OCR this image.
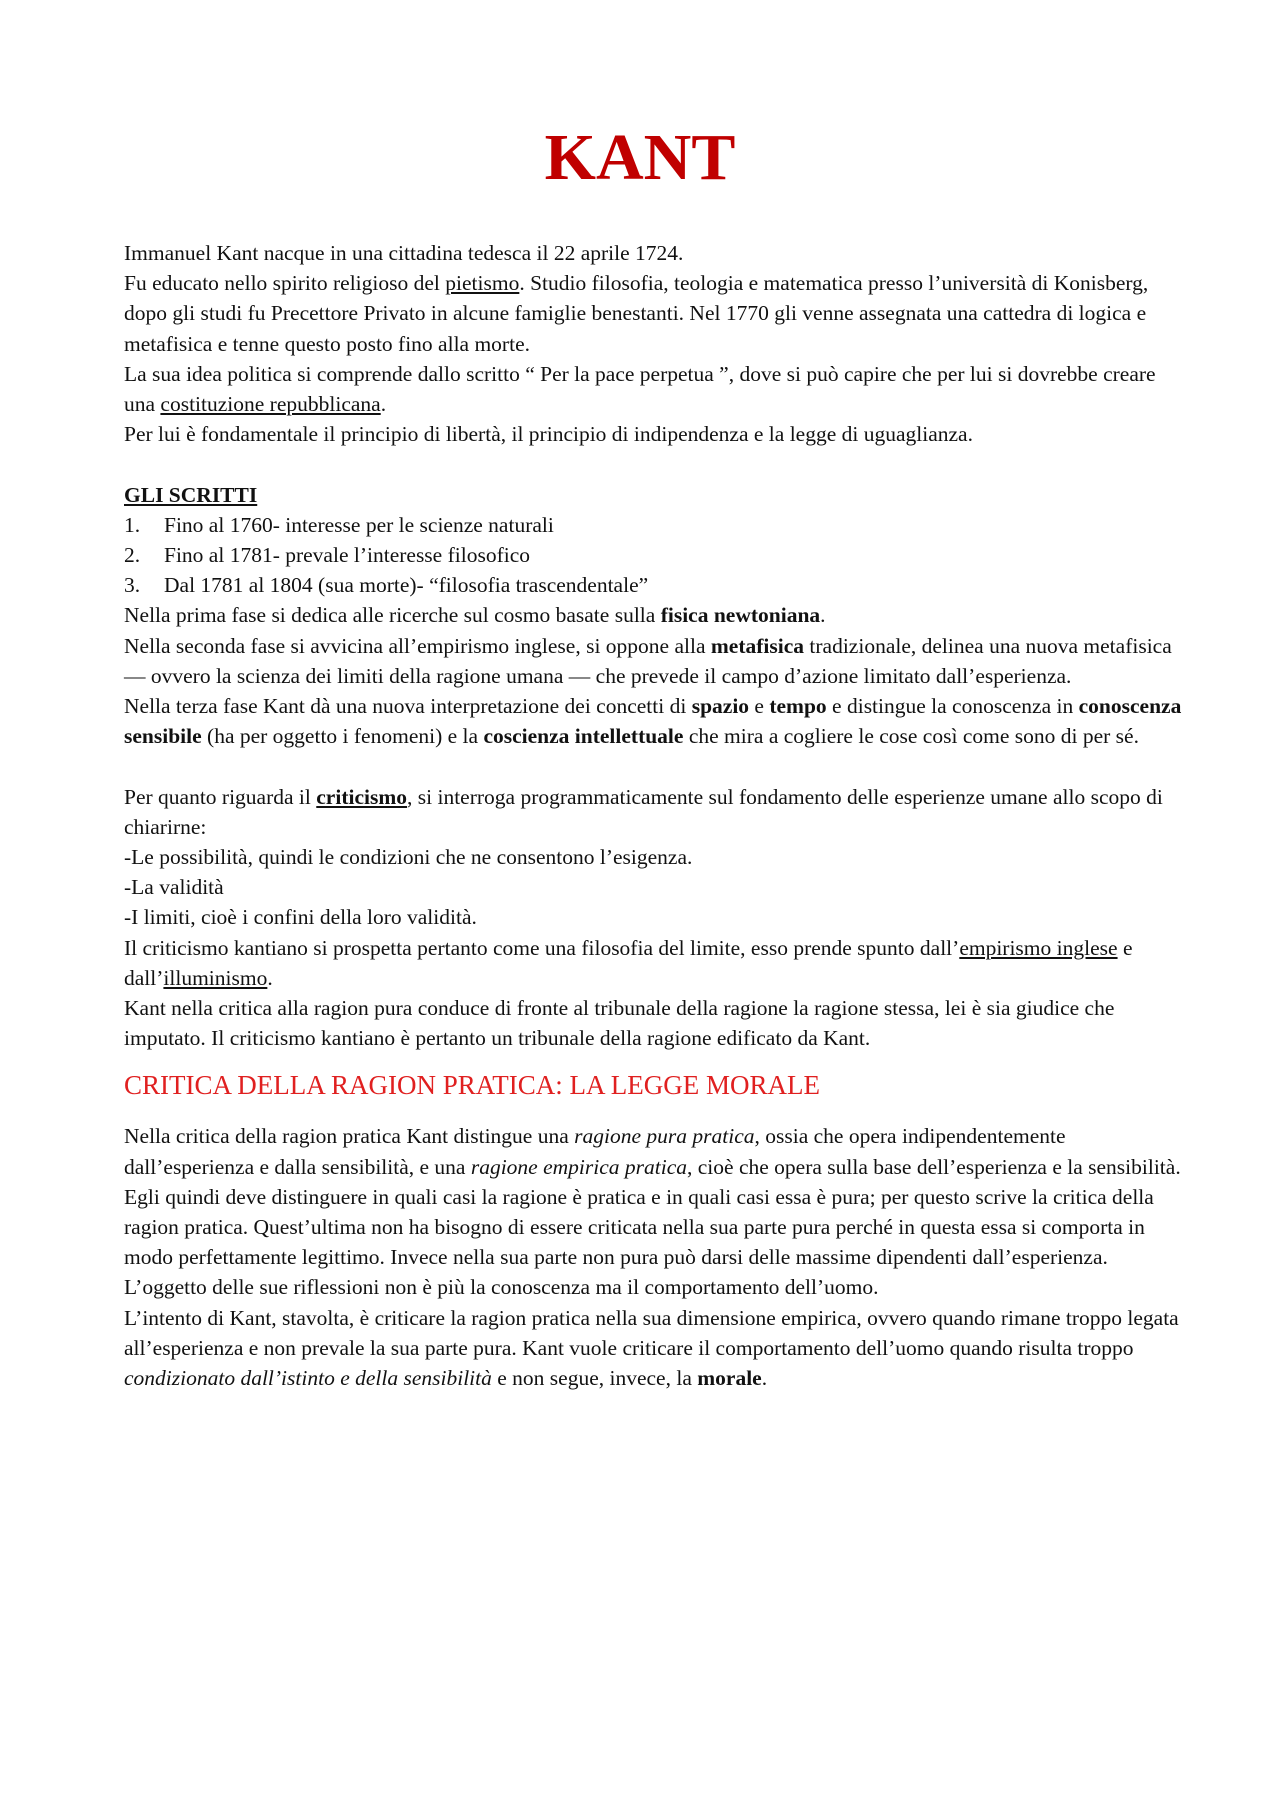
KANT

Immanuel Kant nacque in una cittadina tedesca il 22 aprile 1724.

Fu educato nello spirito religioso del pietismo. Studio filosofia, teologia e matematica presso l’università di Konisberg, dopo gli studi fu Precettore Privato in alcune famiglie benestanti. Nel 1770 gli venne assegnata una cattedra di logica e metafisica e tenne questo posto fino alla morte.

La sua idea politica si comprende dallo scritto “ Per la pace perpetua ”, dove si può capire che per lui si dovrebbe creare una costituzione repubblicana.

Per lui è fondamentale il principio di libertà, il principio di indipendenza e la legge di uguaglianza.

GLI SCRITTI

1.	Fino al 1760- interesse per le scienze naturali
2.	Fino al 1781- prevale l’interesse filosofico
3.	Dal 1781 al 1804 (sua morte)- “filosofia trascendentale”

Nella prima fase si dedica alle ricerche sul cosmo basate sulla fisica newtoniana.

Nella seconda fase si avvicina all’empirismo inglese, si oppone alla metafisica tradizionale, delinea una nuova metafisica — ovvero la scienza dei limiti della ragione umana — che prevede il campo d’azione limitato dall’esperienza.

Nella terza fase Kant dà una nuova interpretazione dei concetti di spazio e tempo e distingue la conoscenza in conoscenza sensibile (ha per oggetto i fenomeni) e la coscienza intellettuale che mira a cogliere le cose così come sono di per sé.

Per quanto riguarda il criticismo, si interroga programmaticamente sul fondamento delle esperienze umane allo scopo di chiarirne:

-Le possibilità, quindi le condizioni che ne consentono l’esigenza.

-La validità

-I limiti, cioè i confini della loro validità.

Il criticismo kantiano si prospetta pertanto come una filosofia del limite, esso prende spunto dall’empirismo inglese e dall’illuminismo.

Kant nella critica alla ragion pura conduce di fronte al tribunale della ragione la ragione stessa, lei è sia giudice che imputato. Il criticismo kantiano è pertanto un tribunale della ragione edificato da Kant.

CRITICA DELLA RAGION PRATICA: LA LEGGE MORALE

Nella critica della ragion pratica Kant distingue una ragione pura pratica, ossia che opera indipendentemente dall’esperienza e dalla sensibilità, e una ragione empirica pratica, cioè che opera sulla base dell’esperienza e la sensibilità. Egli quindi deve distinguere in quali casi la ragione è pratica e in quali casi essa è pura; per questo scrive la critica della ragion pratica. Quest’ultima non ha bisogno di essere criticata nella sua parte pura perché in questa essa si comporta in modo perfettamente legittimo. Invece nella sua parte non pura può darsi delle massime dipendenti dall’esperienza.

L’oggetto delle sue riflessioni non è più la conoscenza ma il comportamento dell’uomo.

L’intento di Kant, stavolta, è criticare la ragion pratica nella sua dimensione empirica, ovvero quando rimane troppo legata all’esperienza e non prevale la sua parte pura. Kant vuole criticare il comportamento dell’uomo quando risulta troppo condizionato dall’istinto e della sensibilità e non segue, invece, la morale.
